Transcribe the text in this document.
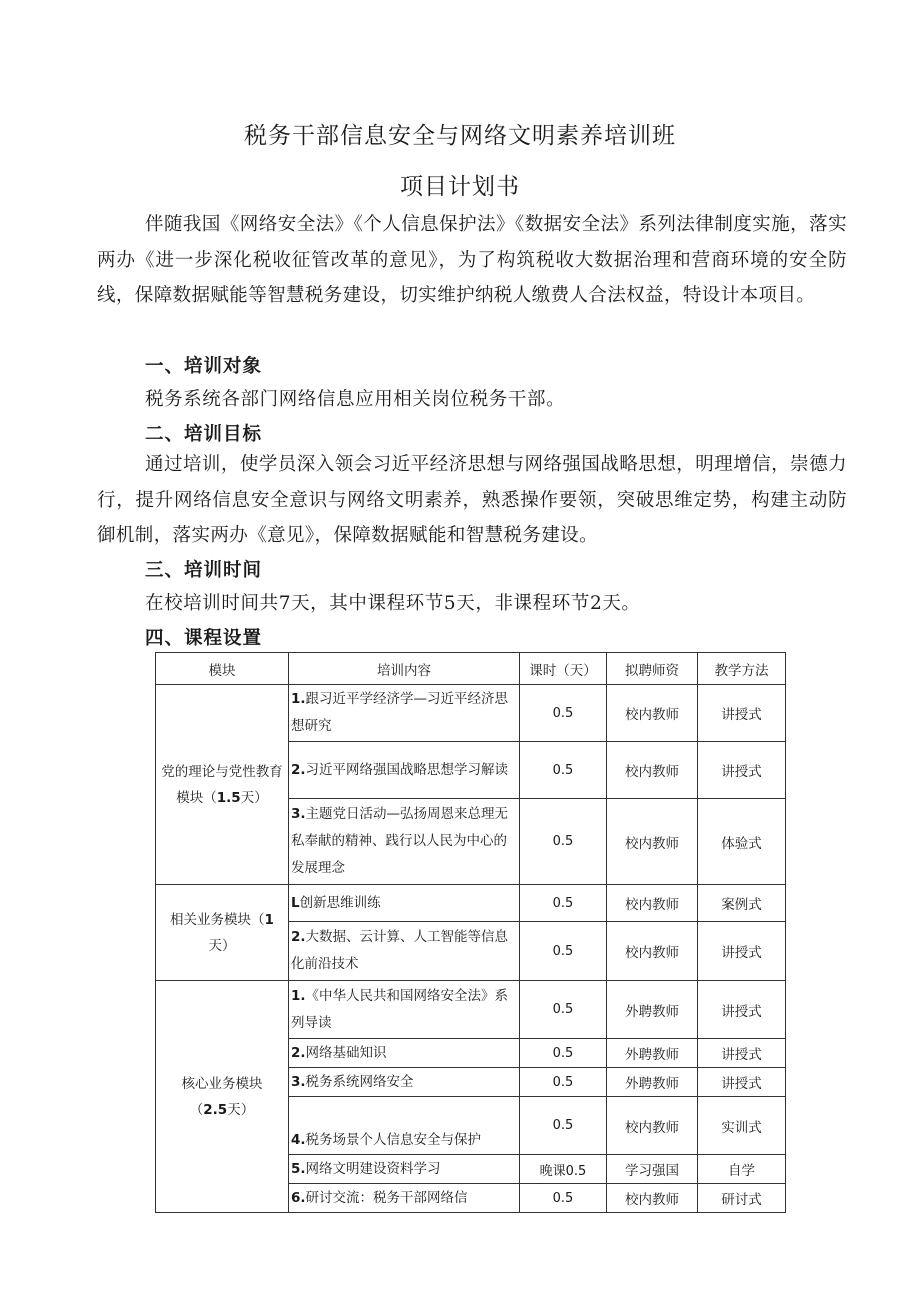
税务干部信息安全与网络文明素养培训班
项目计划书

伴随我国《网络安全法》《个人信息保护法》《数据安全法》系列法律制度实施，落实两办《进一步深化税收征管改革的意见》，为了构筑税收大数据治理和营商环境的安全防线，保障数据赋能等智慧税务建设，切实维护纳税人缴费人合法权益，特设计本项目。

一、培训对象

税务系统各部门网络信息应用相关岗位税务干部。

二、培训目标

通过培训，使学员深入领会习近平经济思想与网络强国战略思想，明理增信，崇德力行，提升网络信息安全意识与网络文明素养，熟悉操作要领，突破思维定势，构建主动防御机制，落实两办《意见》，保障数据赋能和智慧税务建设。

三、培训时间

在校培训时间共7天，其中课程环节5天，非课程环节2天。

四、课程设置
模块	培训内容	课时（天）	拟聘师资	教学方法
党的理论与党性教育模块（1.5天）	1.跟习近平学经济学—习近平经济思想研究	0.5	校内教师	讲授式
	2.习近平网络强国战略思想学习解读	0.5	校内教师	讲授式
	3.主题党日活动—弘扬周恩来总理无私奉献的精神、践行以人民为中心的发展理念	0.5	校内教师	体验式
相关业务模块（1
天）	L创新思维训练	0.5	校内教师	案例式
	2.大数据、云计算、人工智能等信息化前沿技术	0.5	校内教师	讲授式
核心业务模块
（2.5天）	1.《中华人民共和国网络安全法》系列导读	0.5	外聘教师	讲授式
	2.网络基础知识	0.5	外聘教师	讲授式
	3.税务系统网络安全	0.5	外聘教师	讲授式
	4.税务场景个人信息安全与保护	0.5	校内教师	实训式
	5.网络文明建设资料学习	晚课0.5	学习强国	自学
	6.研讨交流：税务干部网络信	0.5	校内教师	研讨式
